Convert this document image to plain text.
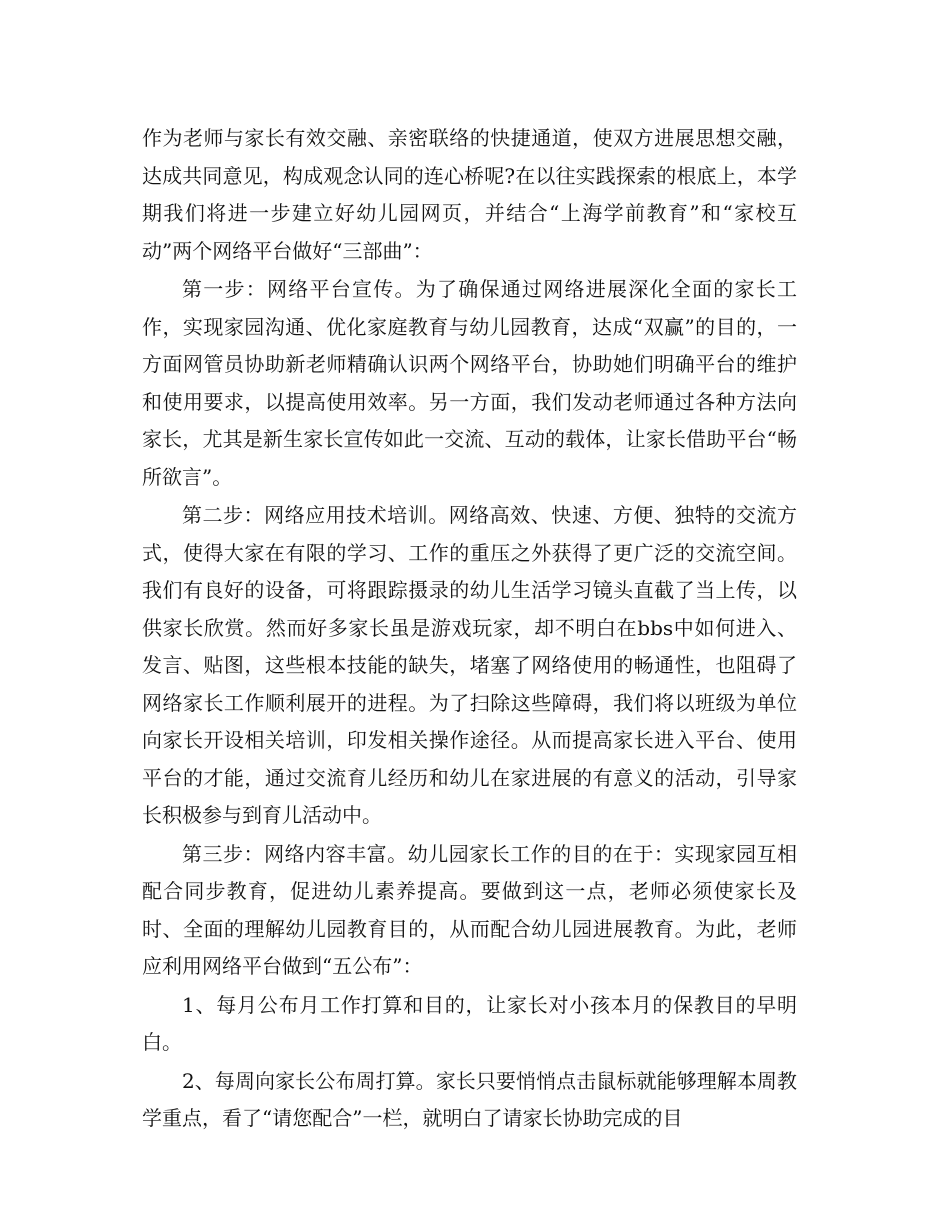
作为老师与家长有效交融、亲密联络的快捷通道，使双方进展思想交融，达成共同意见，构成观念认同的连心桥呢?在以往实践探索的根底上，本学期我们将进一步建立好幼儿园网页，并结合“上海学前教育”和“家校互动”两个网络平台做好“三部曲”：

第一步：网络平台宣传。为了确保通过网络进展深化全面的家长工作，实现家园沟通、优化家庭教育与幼儿园教育，达成“双赢”的目的，一方面网管员协助新老师精确认识两个网络平台，协助她们明确平台的维护和使用要求，以提高使用效率。另一方面，我们发动老师通过各种方法向家长，尤其是新生家长宣传如此一交流、互动的载体，让家长借助平台“畅所欲言”。

第二步：网络应用技术培训。网络高效、快速、方便、独特的交流方式，使得大家在有限的学习、工作的重压之外获得了更广泛的交流空间。我们有良好的设备，可将跟踪摄录的幼儿生活学习镜头直截了当上传，以供家长欣赏。然而好多家长虽是游戏玩家，却不明白在bbs中如何进入、发言、贴图，这些根本技能的缺失，堵塞了网络使用的畅通性，也阻碍了网络家长工作顺利展开的进程。为了扫除这些障碍，我们将以班级为单位向家长开设相关培训，印发相关操作途径。从而提高家长进入平台、使用平台的才能，通过交流育儿经历和幼儿在家进展的有意义的活动，引导家长积极参与到育儿活动中。

第三步：网络内容丰富。幼儿园家长工作的目的在于：实现家园互相配合同步教育，促进幼儿素养提高。要做到这一点，老师必须使家长及时、全面的理解幼儿园教育目的，从而配合幼儿园进展教育。为此，老师应利用网络平台做到“五公布”：

1、每月公布月工作打算和目的，让家长对小孩本月的保教目的早明白。

2、每周向家长公布周打算。家长只要悄悄点击鼠标就能够理解本周教学重点，看了“请您配合”一栏，就明白了请家长协助完成的目
